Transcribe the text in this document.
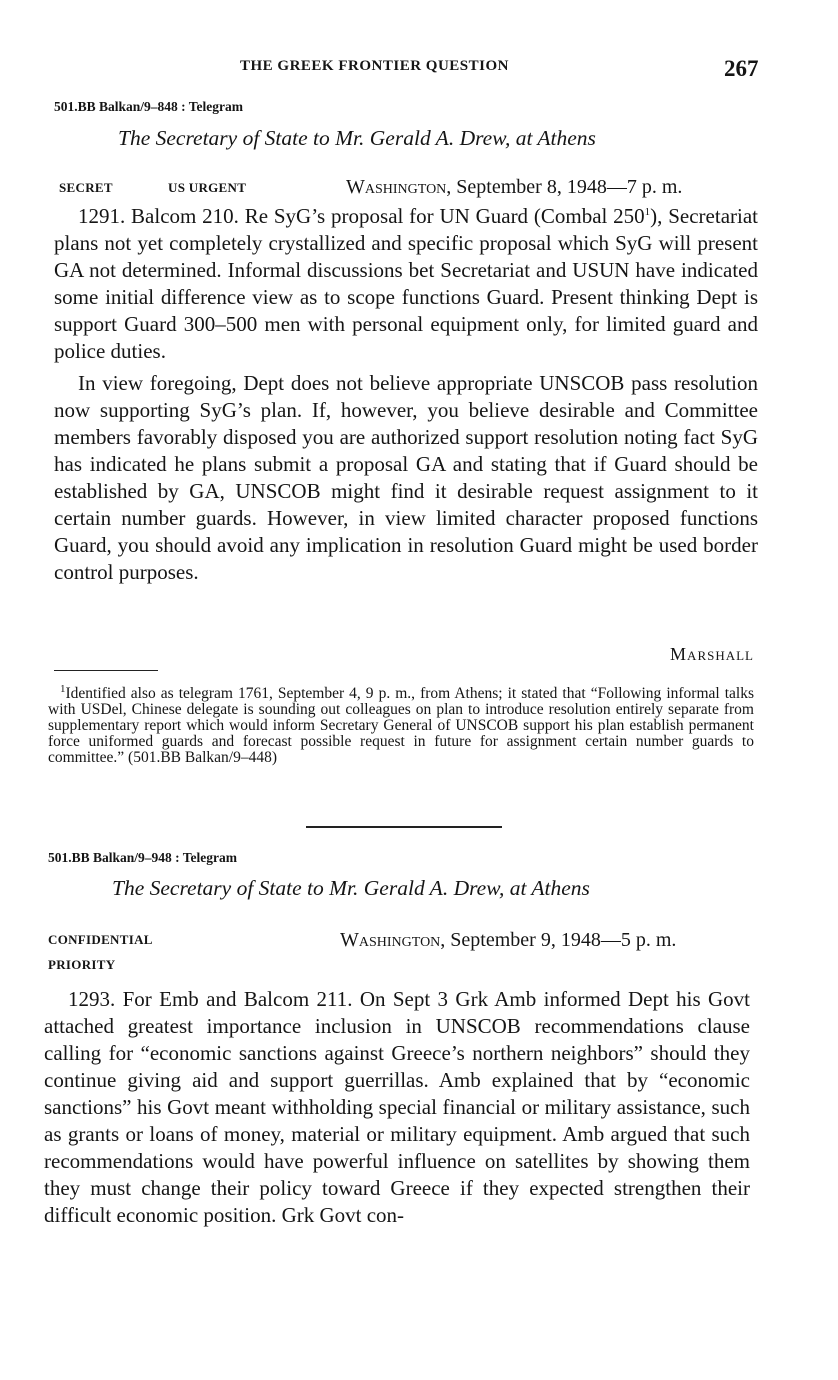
THE GREEK FRONTIER QUESTION	267
501.BB Balkan/9–848 : Telegram
The Secretary of State to Mr. Gerald A. Drew, at Athens
SECRET	US URGENT	Washington, September 8, 1948—7 p. m.

1291. Balcom 210. Re SyG’s proposal for UN Guard (Combal $250^1$), Secretariat plans not yet completely crystallized and specific proposal which SyG will present GA not determined. Informal discussions bet Secretariat and USUN have indicated some initial difference view as to scope functions Guard. Present thinking Dept is support Guard 300–500 men with personal equipment only, for limited guard and police duties.

In view foregoing, Dept does not believe appropriate UNSCOB pass resolution now supporting SyG’s plan. If, however, you believe desirable and Committee members favorably disposed you are authorized support resolution noting fact SyG has indicated he plans submit a proposal GA and stating that if Guard should be established by GA, UNSCOB might find it desirable request assignment to it certain number guards. However, in view limited character proposed functions Guard, you should avoid any implication in resolution Guard might be used border control purposes.

Marshall

$^1$Identified also as telegram 1761, September 4, 9 p. m., from Athens; it stated that “Following informal talks with USDel, Chinese delegate is sounding out colleagues on plan to introduce resolution entirely separate from supplementary report which would inform Secretary General of UNSCOB support his plan establish permanent force uniformed guards and forecast possible request in future for assignment certain number guards to committee.” (501.BB Balkan/9–448)

501.BB Balkan/9–948 : Telegram
The Secretary of State to Mr. Gerald A. Drew, at Athens
CONFIDENTIAL
PRIORITY
Washington, September 9, 1948—5 p. m.

1293. For Emb and Balcom 211. On Sept 3 Grk Amb informed Dept his Govt attached greatest importance inclusion in UNSCOB recommendations clause calling for “economic sanctions against Greece’s northern neighbors” should they continue giving aid and support guerrillas. Amb explained that by “economic sanctions” his Govt meant withholding special financial or military assistance, such as grants or loans of money, material or military equipment. Amb argued that such recommendations would have powerful influence on satellites by showing them they must change their policy toward Greece if they expected strengthen their difficult economic position. Grk Govt con-
